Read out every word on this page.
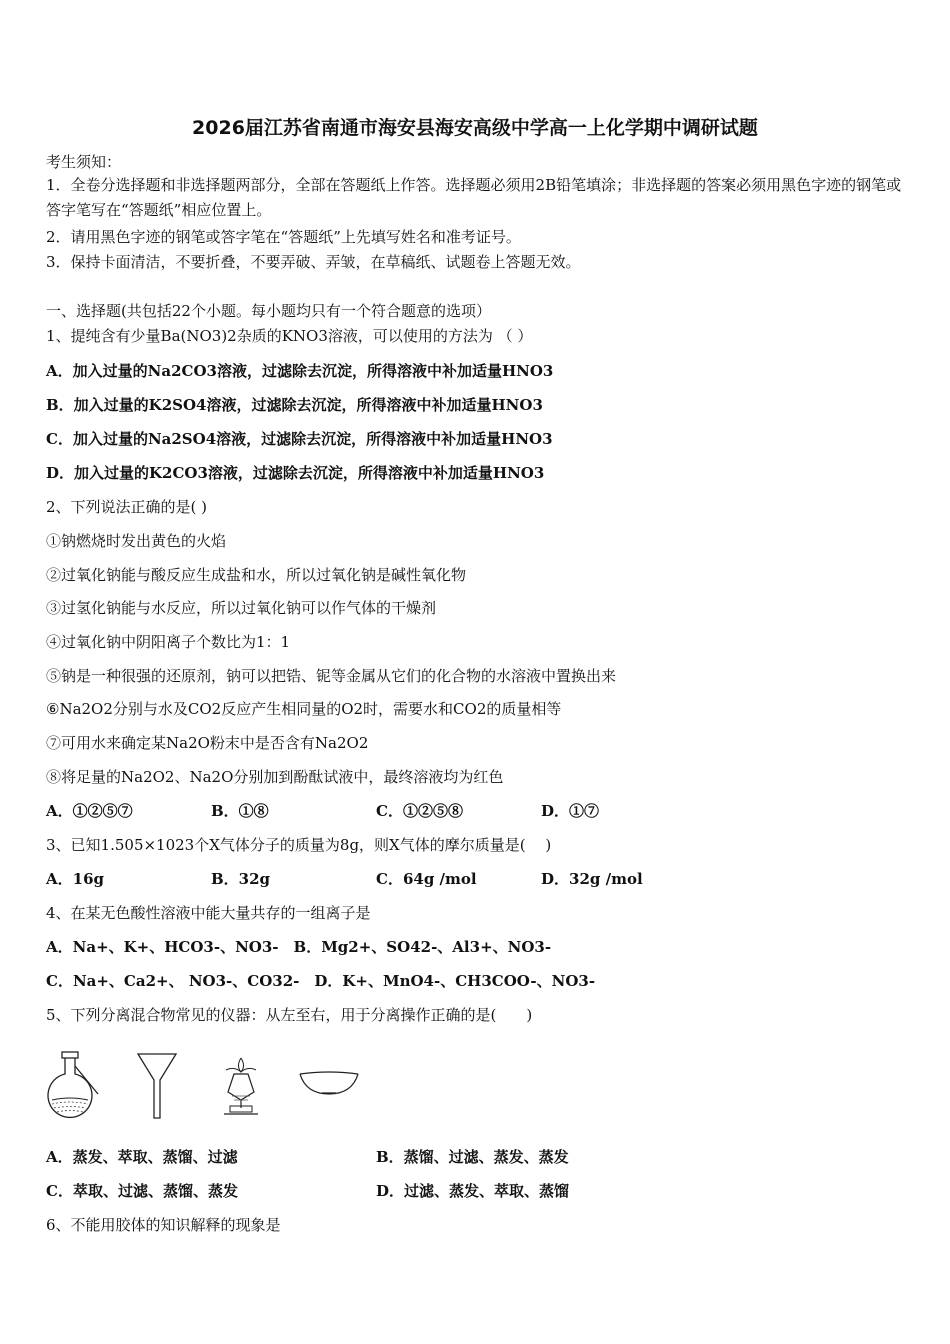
2026届江苏省南通市海安县海安高级中学高一上化学期中调研试题
考生须知：
1．全卷分选择题和非选择题两部分，全部在答题纸上作答。选择题必须用2B铅笔填涂；非选择题的答案必须用黑色字迹的钢笔或答字笔写在“答题纸”相应位置上。
2．请用黑色字迹的钢笔或答字笔在“答题纸”上先填写姓名和准考证号。
3．保持卡面清洁，不要折叠，不要弄破、弄皱，在草稿纸、试题卷上答题无效。
一、选择题(共包括22个小题。每小题均只有一个符合题意的选项）
1、提纯含有少量Ba(NO3)2杂质的KNO3溶液，可以使用的方法为 （ ）
A．加入过量的Na2CO3溶液，过滤除去沉淀，所得溶液中补加适量HNO3
B．加入过量的K2SO4溶液，过滤除去沉淀，所得溶液中补加适量HNO3
C．加入过量的Na2SO4溶液，过滤除去沉淀，所得溶液中补加适量HNO3
D．加入过量的K2CO3溶液，过滤除去沉淀，所得溶液中补加适量HNO3
2、下列说法正确的是( )
①钠燃烧时发出黄色的火焰
②过氧化钠能与酸反应生成盐和水，所以过氧化钠是碱性氧化物
③过氢化钠能与水反应，所以过氧化钠可以作气体的干燥剂
④过氧化钠中阴阳离子个数比为1：1
⑤钠是一种很强的还原剂，钠可以把锆、铌等金属从它们的化合物的水溶液中置换出来
⑥Na2O2分别与水及CO2反应产生相同量的O2时，需要水和CO2的质量相等
⑦可用水来确定某Na2O粉末中是否含有Na2O2
⑧将足量的Na2O2、Na2O分别加到酚酞试液中，最终溶液均为红色
A．①②⑤⑦	B．①⑧	C．①②⑤⑧	D．①⑦
3、已知1.505×1023个X气体分子的质量为8g，则X气体的摩尔质量是(　 )
A．16g	B．32g	C．64g /mol	D．32g /mol
4、在某无色酸性溶液中能大量共存的一组离子是
A．Na+、K+、HCO3-、NO3-　B．Mg2+、SO42-、Al3+、NO3-
C．Na+、Ca2+、 NO3-、CO32-　D．K+、MnO4-、CH3COO-、NO3-
5、下列分离混合物常见的仪器：从左至右，用于分离操作正确的是(　　)
A．蒸发、萃取、蒸馏、过滤	B．蒸馏、过滤、蒸发、蒸发
C．萃取、过滤、蒸馏、蒸发	D．过滤、蒸发、萃取、蒸馏
6、不能用胶体的知识解释的现象是
